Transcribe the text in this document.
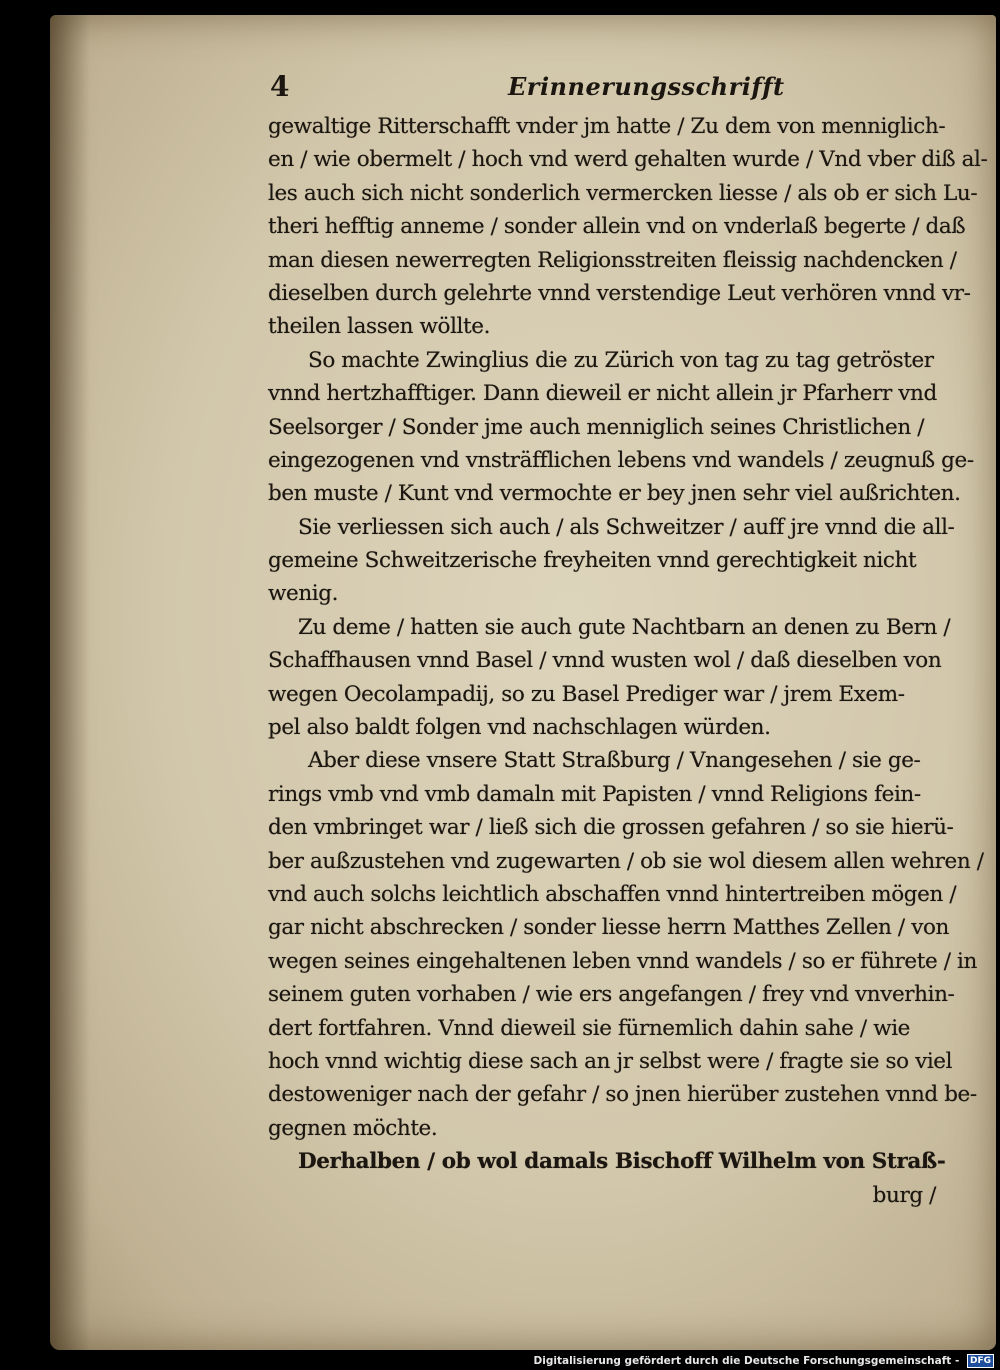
4	Erinnerungsschrifft
gewaltige Ritterschafft vnder jm hatte / Zu dem von menniglich-
en / wie obermelt / hoch vnd werd gehalten wurde / Vnd vber diß al-
les auch sich nicht sonderlich vermercken liesse / als ob er sich Lu-
theri hefftig anneme / sonder allein vnd on vnderlaß begerte / daß
man diesen newerregten Religionsstreiten fleissig nachdencken /
dieselben durch gelehrte vnnd verstendige Leut verhören vnnd vr-
theilen lassen wöllte.
So machte Zwinglius die zu Zürich von tag zu tag getröster
vnnd hertzhafftiger. Dann dieweil er nicht allein jr Pfarherr vnd
Seelsorger / Sonder jme auch menniglich seines Christlichen /
eingezogenen vnd vnsträfflichen lebens vnd wandels / zeugnuß ge-
ben muste / Kunt vnd vermochte er bey jnen sehr viel außrichten.
Sie verliessen sich auch / als Schweitzer / auff jre vnnd die all-
gemeine Schweitzerische freyheiten vnnd gerechtigkeit nicht
wenig.
Zu deme / hatten sie auch gute Nachtbarn an denen zu Bern /
Schaffhausen vnnd Basel / vnnd wusten wol / daß dieselben von
wegen Oecolampadij, so zu Basel Prediger war / jrem Exem-
pel also baldt folgen vnd nachschlagen würden.
Aber diese vnsere Statt Straßburg / Vnangesehen / sie ge-
rings vmb vnd vmb damaln mit Papisten / vnnd Religions fein-
den vmbringet war / ließ sich die grossen gefahren / so sie hierü-
ber außzustehen vnd zugewarten / ob sie wol diesem allen wehren /
vnd auch solchs leichtlich abschaffen vnnd hintertreiben mögen /
gar nicht abschrecken / sonder liesse herrn Matthes Zellen / von
wegen seines eingehaltenen leben vnnd wandels / so er führete / in
seinem guten vorhaben / wie ers angefangen / frey vnd vnverhin-
dert fortfahren. Vnnd dieweil sie fürnemlich dahin sahe / wie
hoch vnnd wichtig diese sach an jr selbst were / fragte sie so viel
destoweniger nach der gefahr / so jnen hierüber zustehen vnnd be-
gegnen möchte.
Derhalben / ob wol damals Bischoff Wilhelm von Straß-
burg /
Digitalisierung gefördert durch die Deutsche Forschungsgemeinschaft - DFG
